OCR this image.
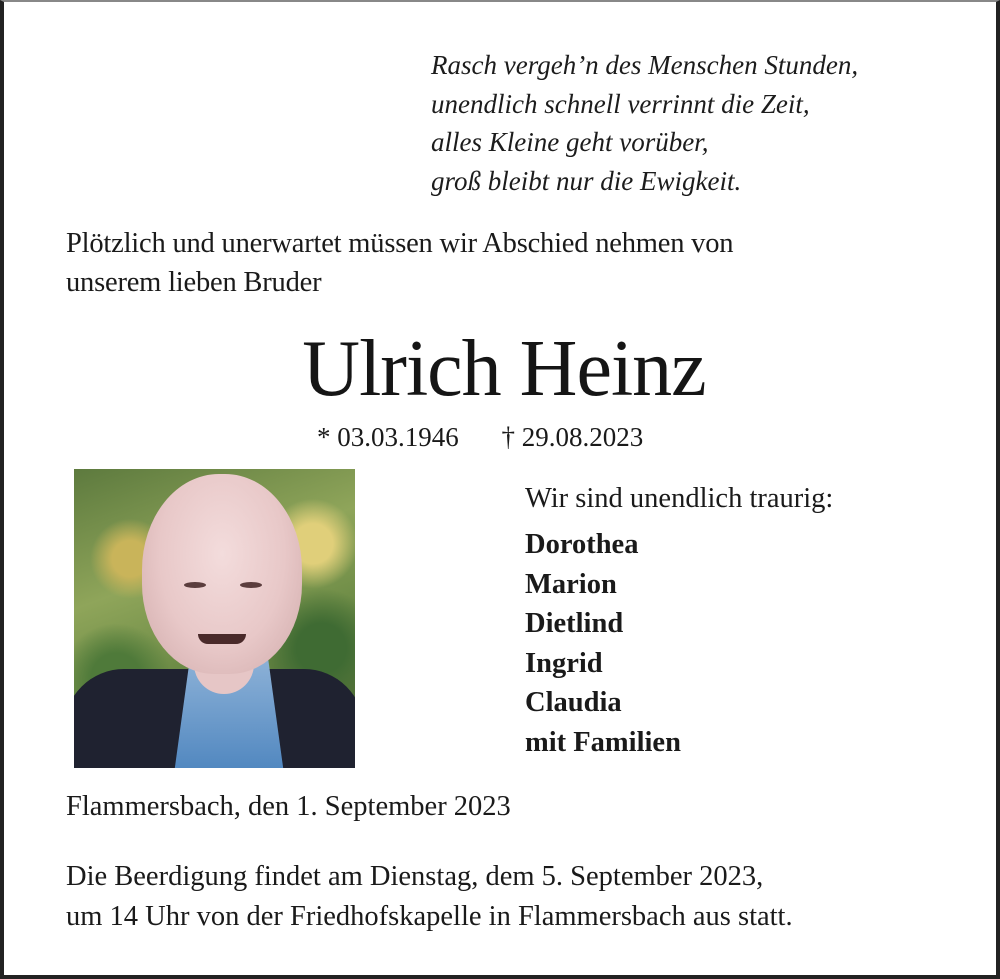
Rasch vergeh’n des Menschen Stunden,
unendlich schnell verrinnt die Zeit,
alles Kleine geht vorüber,
groß bleibt nur die Ewigkeit.
Plötzlich und unerwartet müssen wir Abschied nehmen von
unserem lieben Bruder
Ulrich Heinz
* 03.03.1946 † 29.08.2023
Wir sind unendlich traurig:
Dorothea
Marion
Dietlind
Ingrid
Claudia
mit Familien
Flammersbach, den 1. September 2023
Die Beerdigung findet am Dienstag, dem 5. September 2023,
um 14 Uhr von der Friedhofskapelle in Flammersbach aus statt.
